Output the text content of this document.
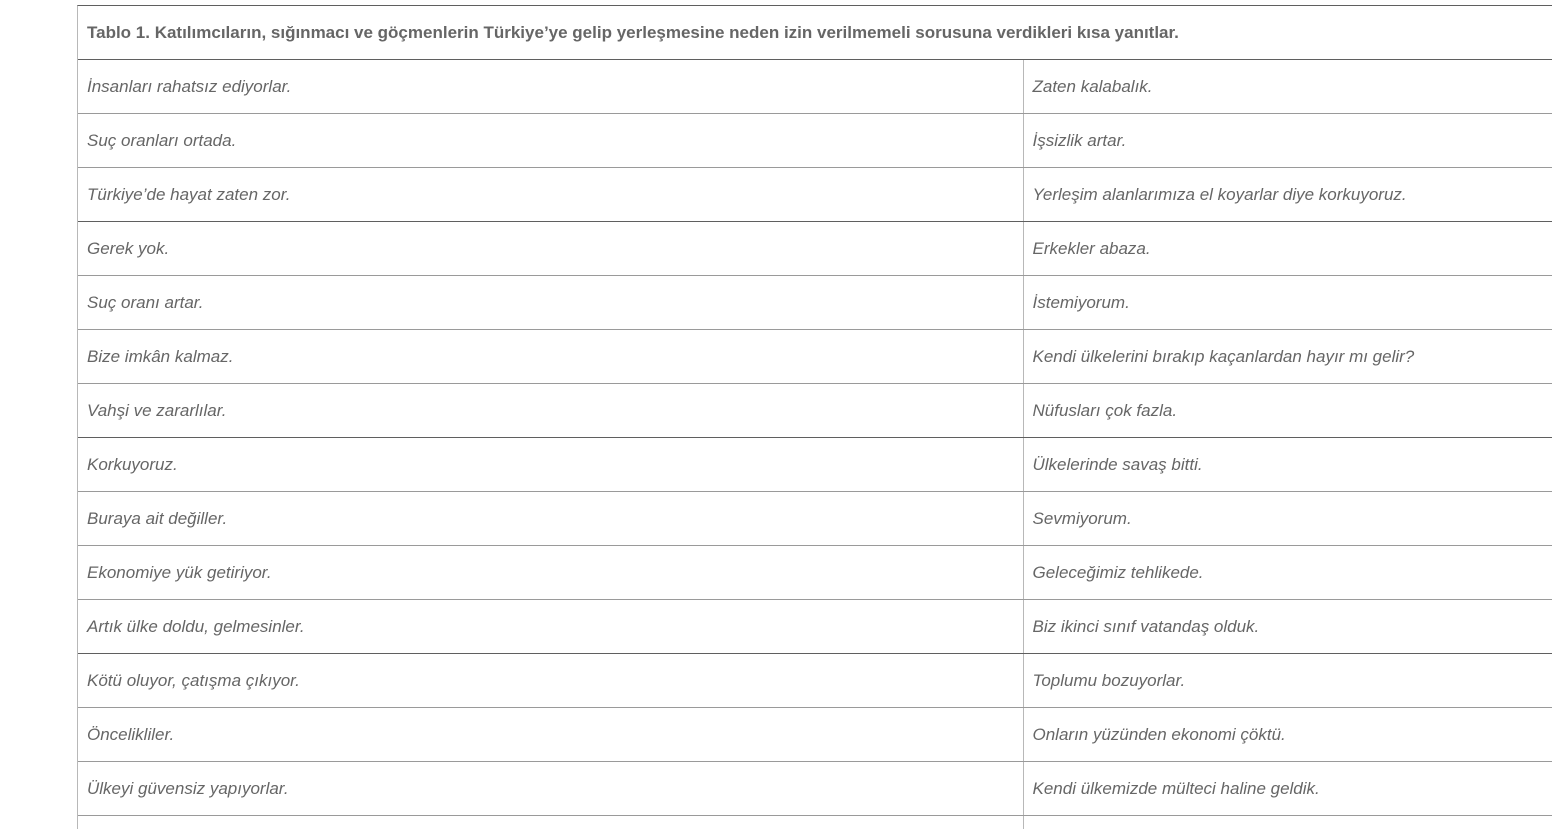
Tablo 1. Katılımcıların, sığınmacı ve göçmenlerin Türkiye’ye gelip yerleşmesine neden izin verilmemeli sorusuna verdikleri kısa yanıtlar.	
İnsanları rahatsız ediyorlar.	Zaten kalabalık.
Suç oranları ortada.	İşsizlik artar.
Türkiye’de hayat zaten zor.	Yerleşim alanlarımıza el koyarlar diye korkuyoruz.
Gerek yok.	Erkekler abaza.
Suç oranı artar.	İstemiyorum.
Bize imkân kalmaz.	Kendi ülkelerini bırakıp kaçanlardan hayır mı gelir?
Vahşi ve zararlılar.	Nüfusları çok fazla.
Korkuyoruz.	Ülkelerinde savaş bitti.
Buraya ait değiller.	Sevmiyorum.
Ekonomiye yük getiriyor.	Geleceğimiz tehlikede.
Artık ülke doldu, gelmesinler.	Biz ikinci sınıf vatandaş olduk.
Kötü oluyor, çatışma çıkıyor.	Toplumu bozuyorlar.
Öncelikliler.	Onların yüzünden ekonomi çöktü.
Ülkeyi güvensiz yapıyorlar.	Kendi ülkemizde mülteci haline geldik.
